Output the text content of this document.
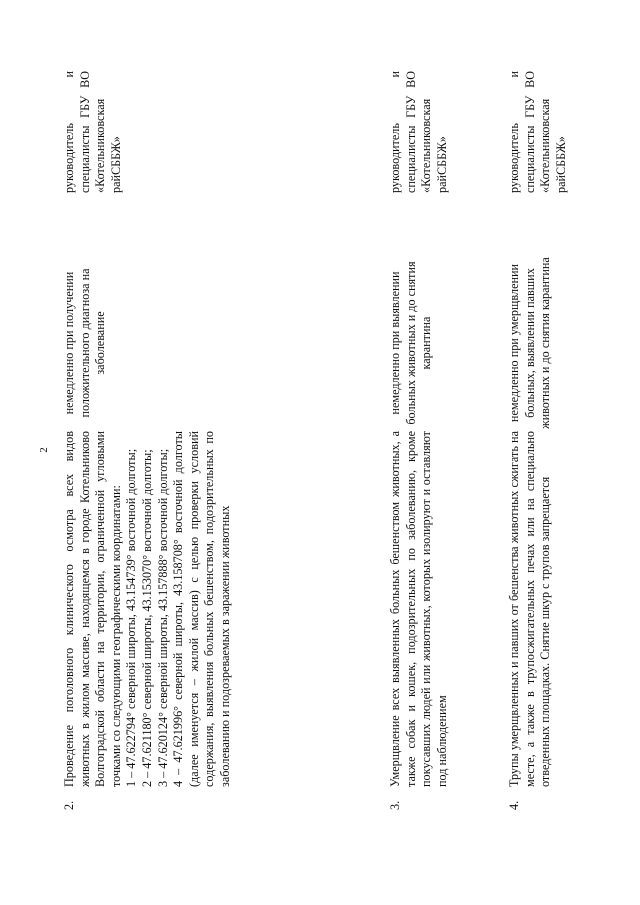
2
2.

Проведение поголовного клинического осмотра всех видов животных в жилом массиве, находящемся в городе Котельниково Волгоградской области на территории, ограниченной угловыми точками со следующими географическими координатами: 1 – 47.622794° северной широты, 43.154739° восточной долготы; 2 – 47.621180° северной широты, 43.153070° восточной долготы; 3 – 47.620124° северной широты, 43.157888° восточной долготы; 4 – 47.621996° северной широты, 43.158708° восточной долготы (далее именуется – жилой массив) с целью проверки условий содержания, выявления больных бешенством, подозрительных по заболеванию и подозреваемых в заражении животных

немедленно при получении положительного диагноза на заболевание
руководитель и специалисты ГБУ ВО «Котельниковская райСББЖ»
3.
Умерщвление всех выявленных больных бешенством животных, а также собак и кошек, подозрительных по заболеванию, кроме покусавших людей или животных, которых изолируют и оставляют под наблюдением
немедленно при выявлении больных животных и до снятия карантина
руководитель и специалисты ГБУ ВО «Котельниковская райСББЖ»
4.
Трупы умерщвленных и павших от бешенства животных сжигать на месте, а также в трупосжигательных печах или на специально отведенных площадках. Снятие шкур с трупов запрещается
немедленно при умерщвлении больных, выявлении павших животных и до снятия карантина
руководитель и специалисты ГБУ ВО «Котельниковская райСББЖ»
